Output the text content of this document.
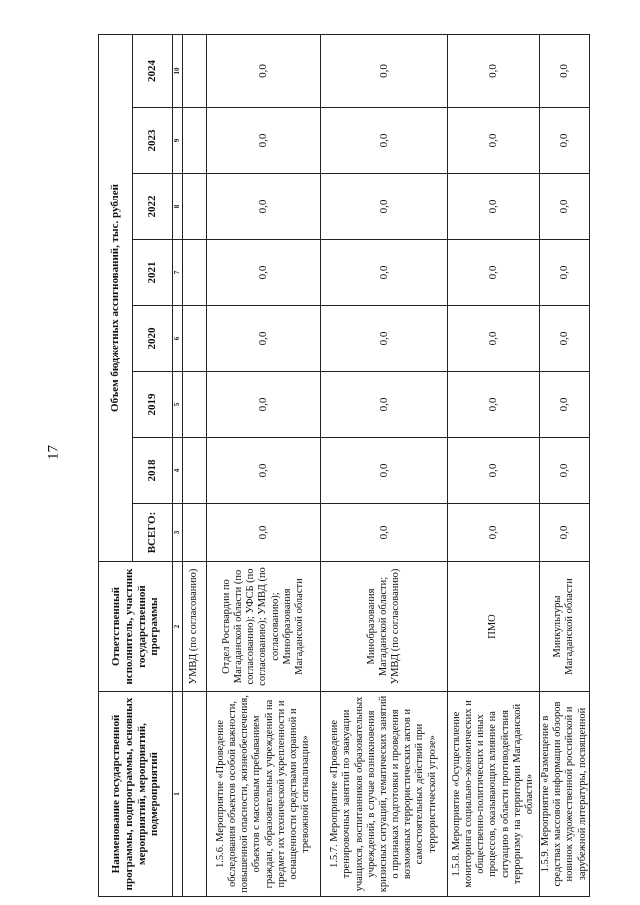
17
Наименование государственной программы, подпрограммы, основных мероприятий, мероприятий, подмероприятий	Ответственный исполнитель, участник государственной программы	Объем бюджетных ассигнований, тыс. рублей							
		ВСЕГО:	2018	2019	2020	2021	2022	2023	2024
1	2	3	4	5	6	7	8	9	10
	УМВД (по согласованию)								
1.5.6. Мероприятие «Проведение обследования объектов особой важности, повышенной опасности, жизнеобеспечения, объектов с массовым пребыванием граждан, образовательных учреждений на предмет их технической укрепленности и оснащенности средствами охранной и тревожной сигнализации»	Отдел Росгвардии по Магаданской области (по согласованию); УФСБ (по согласованию); УМВД (по согласованию); Минобразования Магаданской области	0,0	0,0	0,0	0,0	0,0	0,0	0,0	0,0
1.5.7. Мероприятие «Проведение тренировочных занятий по эвакуации учащихся, воспитанников образовательных учреждений, в случае возникновения кризисных ситуаций, тематических занятий о признаках подготовки и проведения возможных террористических актов и самостоятельных действий при террористической угрозе»	Минобразования Магаданской области; УМВД (по согласованию)	0,0	0,0	0,0	0,0	0,0	0,0	0,0	0,0
1.5.8. Мероприятие «Осуществление мониторинга социально-экономических и общественно-политических и иных процессов, оказывающих влияние на ситуацию в области противодействия терроризму на территории Магаданской области»	ПМО	0,0	0,0	0,0	0,0	0,0	0,0	0,0	0,0
1.5.9. Мероприятие «Размещение в средствах массовой информации обзоров новинок художественной российской и зарубежной литературы, посвященной	Минкультуры Магаданской области	0,0	0,0	0,0	0,0	0,0	0,0	0,0	0,0
